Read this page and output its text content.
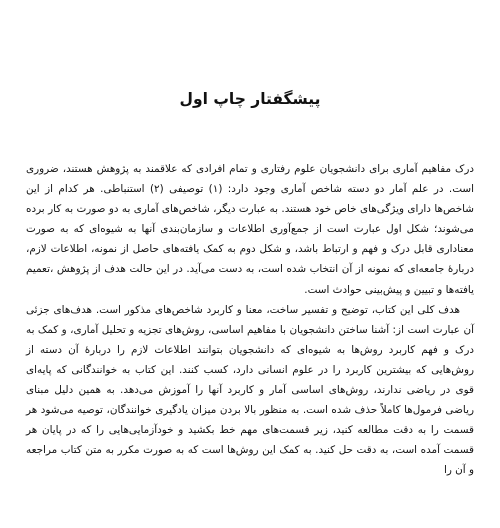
پیشگفتار چاپ اول

درک مفاهیم آماری برای دانشجویان علوم رفتاری و تمام افرادی که علاقمند به پژوهش هستند، ضروری است. در علم آمار دو دسته شاخص آماری وجود دارد: (۱) توصیفی (۲) استنباطی. هر کدام از این شاخص‌ها دارای ویژگی‌های خاص خود هستند. به عبارت دیگر، شاخص‌های آماری به دو صورت به کار برده می‌شوند؛ شکل اول عبارت است از جمع‌آوری اطلاعات و سازمان‌بندی آنها به شیوه‌ای که به صورت معناداری قابل درک و فهم و ارتباط باشد، و شکل دوم به کمک یافته‌های حاصل از نمونه، اطلاعات لازم، دربارهٔ جامعه‌ای که نمونه از آن انتخاب شده است، به دست می‌آید. در این حالت هدف از پژوهش ،تعمیم یافته‌ها و تبیین و پیش‌بینی حوادث است.

هدف کلی این کتاب، توضیح و تفسیر ساخت، معنا و کاربرد شاخص‌های مذکور است. هدف‌های جزئی آن عبارت است از: آشنا ساختن دانشجویان با مفاهیم اساسی، روش‌های تجزیه و تحلیل آماری، و کمک به درک و فهم کاربرد روش‌ها به شیوه‌ای که دانشجویان بتوانند اطلاعات لازم را دربارهٔ آن دسته از روش‌هایی که بیشترین کاربرد را در علوم انسانی دارد، کسب کنند. این کتاب به خوانندگانی که پایه‌ای قوی در ریاضی ندارند، روش‌های اساسی آمار و کاربرد آنها را آموزش می‌دهد. به همین دلیل مبنای ریاضی فرمول‌ها کاملاً حذف شده است. به منظور بالا بردن میزان یادگیری خوانندگان، توصیه می‌شود هر قسمت را به دقت مطالعه کنید، زیر قسمت‌های مهم خط بکشید و خودآزمایی‌هایی را که در پایان هر قسمت آمده است، به دقت حل کنید. به کمک این روش‌ها است که به صورت مکرر به متن کتاب مراجعه و آن را
